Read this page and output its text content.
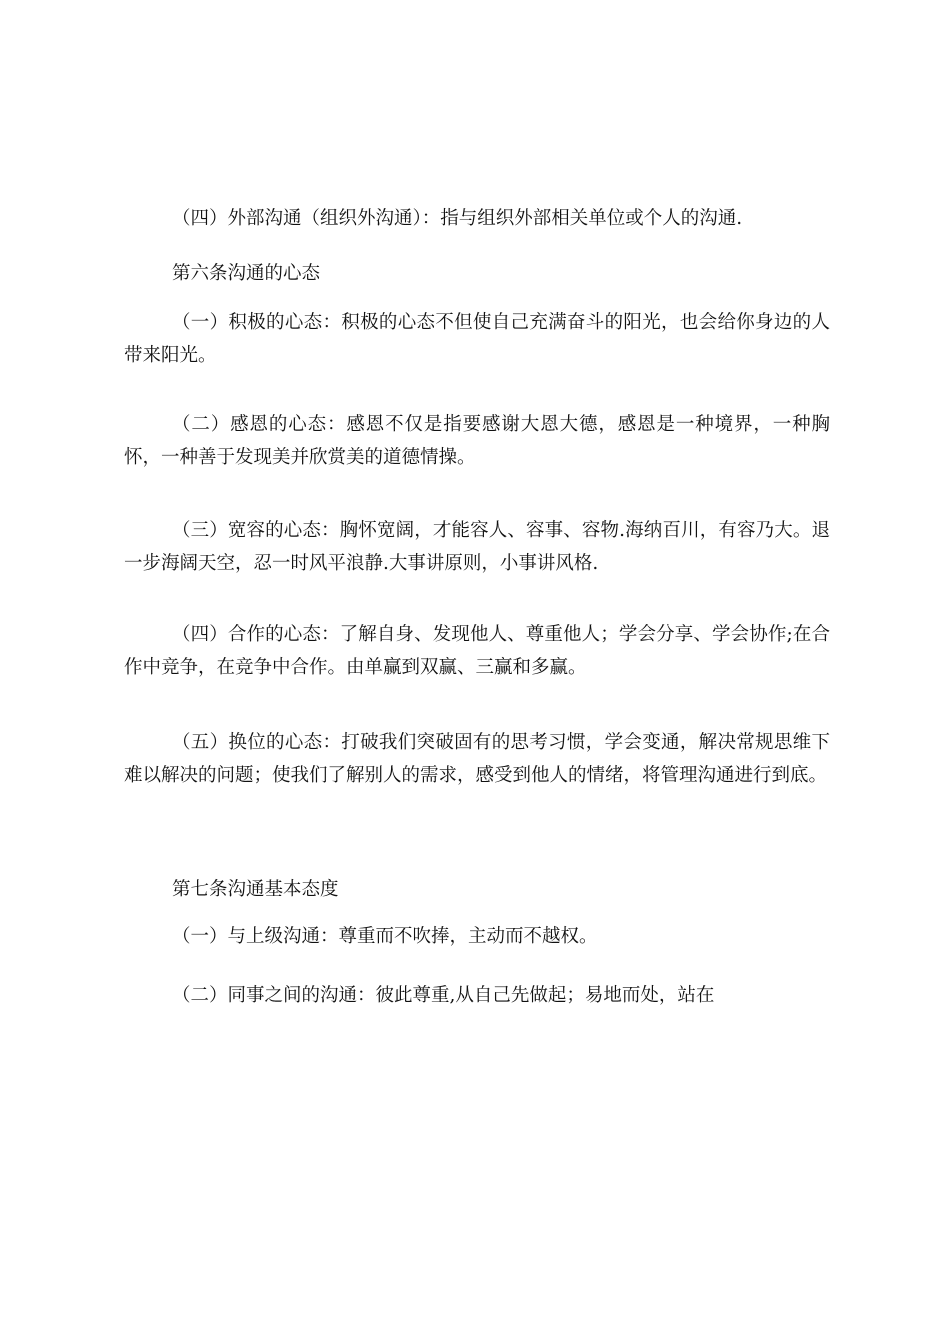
（四）外部沟通（组织外沟通）：指与组织外部相关单位或个人的沟通.

第六条沟通的心态

（一）积极的心态：积极的心态不但使自己充满奋斗的阳光，也会给你身边的人带来阳光。

（二）感恩的心态：感恩不仅是指要感谢大恩大德，感恩是一种境界，一种胸怀，一种善于发现美并欣赏美的道德情操。

（三）宽容的心态：胸怀宽阔，才能容人、容事、容物.海纳百川，有容乃大。退一步海阔天空，忍一时风平浪静.大事讲原则，小事讲风格.

（四）合作的心态：了解自身、发现他人、尊重他人；学会分享、学会协作;在合作中竞争，在竞争中合作。由单赢到双赢、三赢和多赢。

（五）换位的心态：打破我们突破固有的思考习惯，学会变通，解决常规思维下难以解决的问题；使我们了解别人的需求，感受到他人的情绪，将管理沟通进行到底。

第七条沟通基本态度

（一）与上级沟通：尊重而不吹捧，主动而不越权。

（二）同事之间的沟通：彼此尊重,从自己先做起；易地而处，站在
